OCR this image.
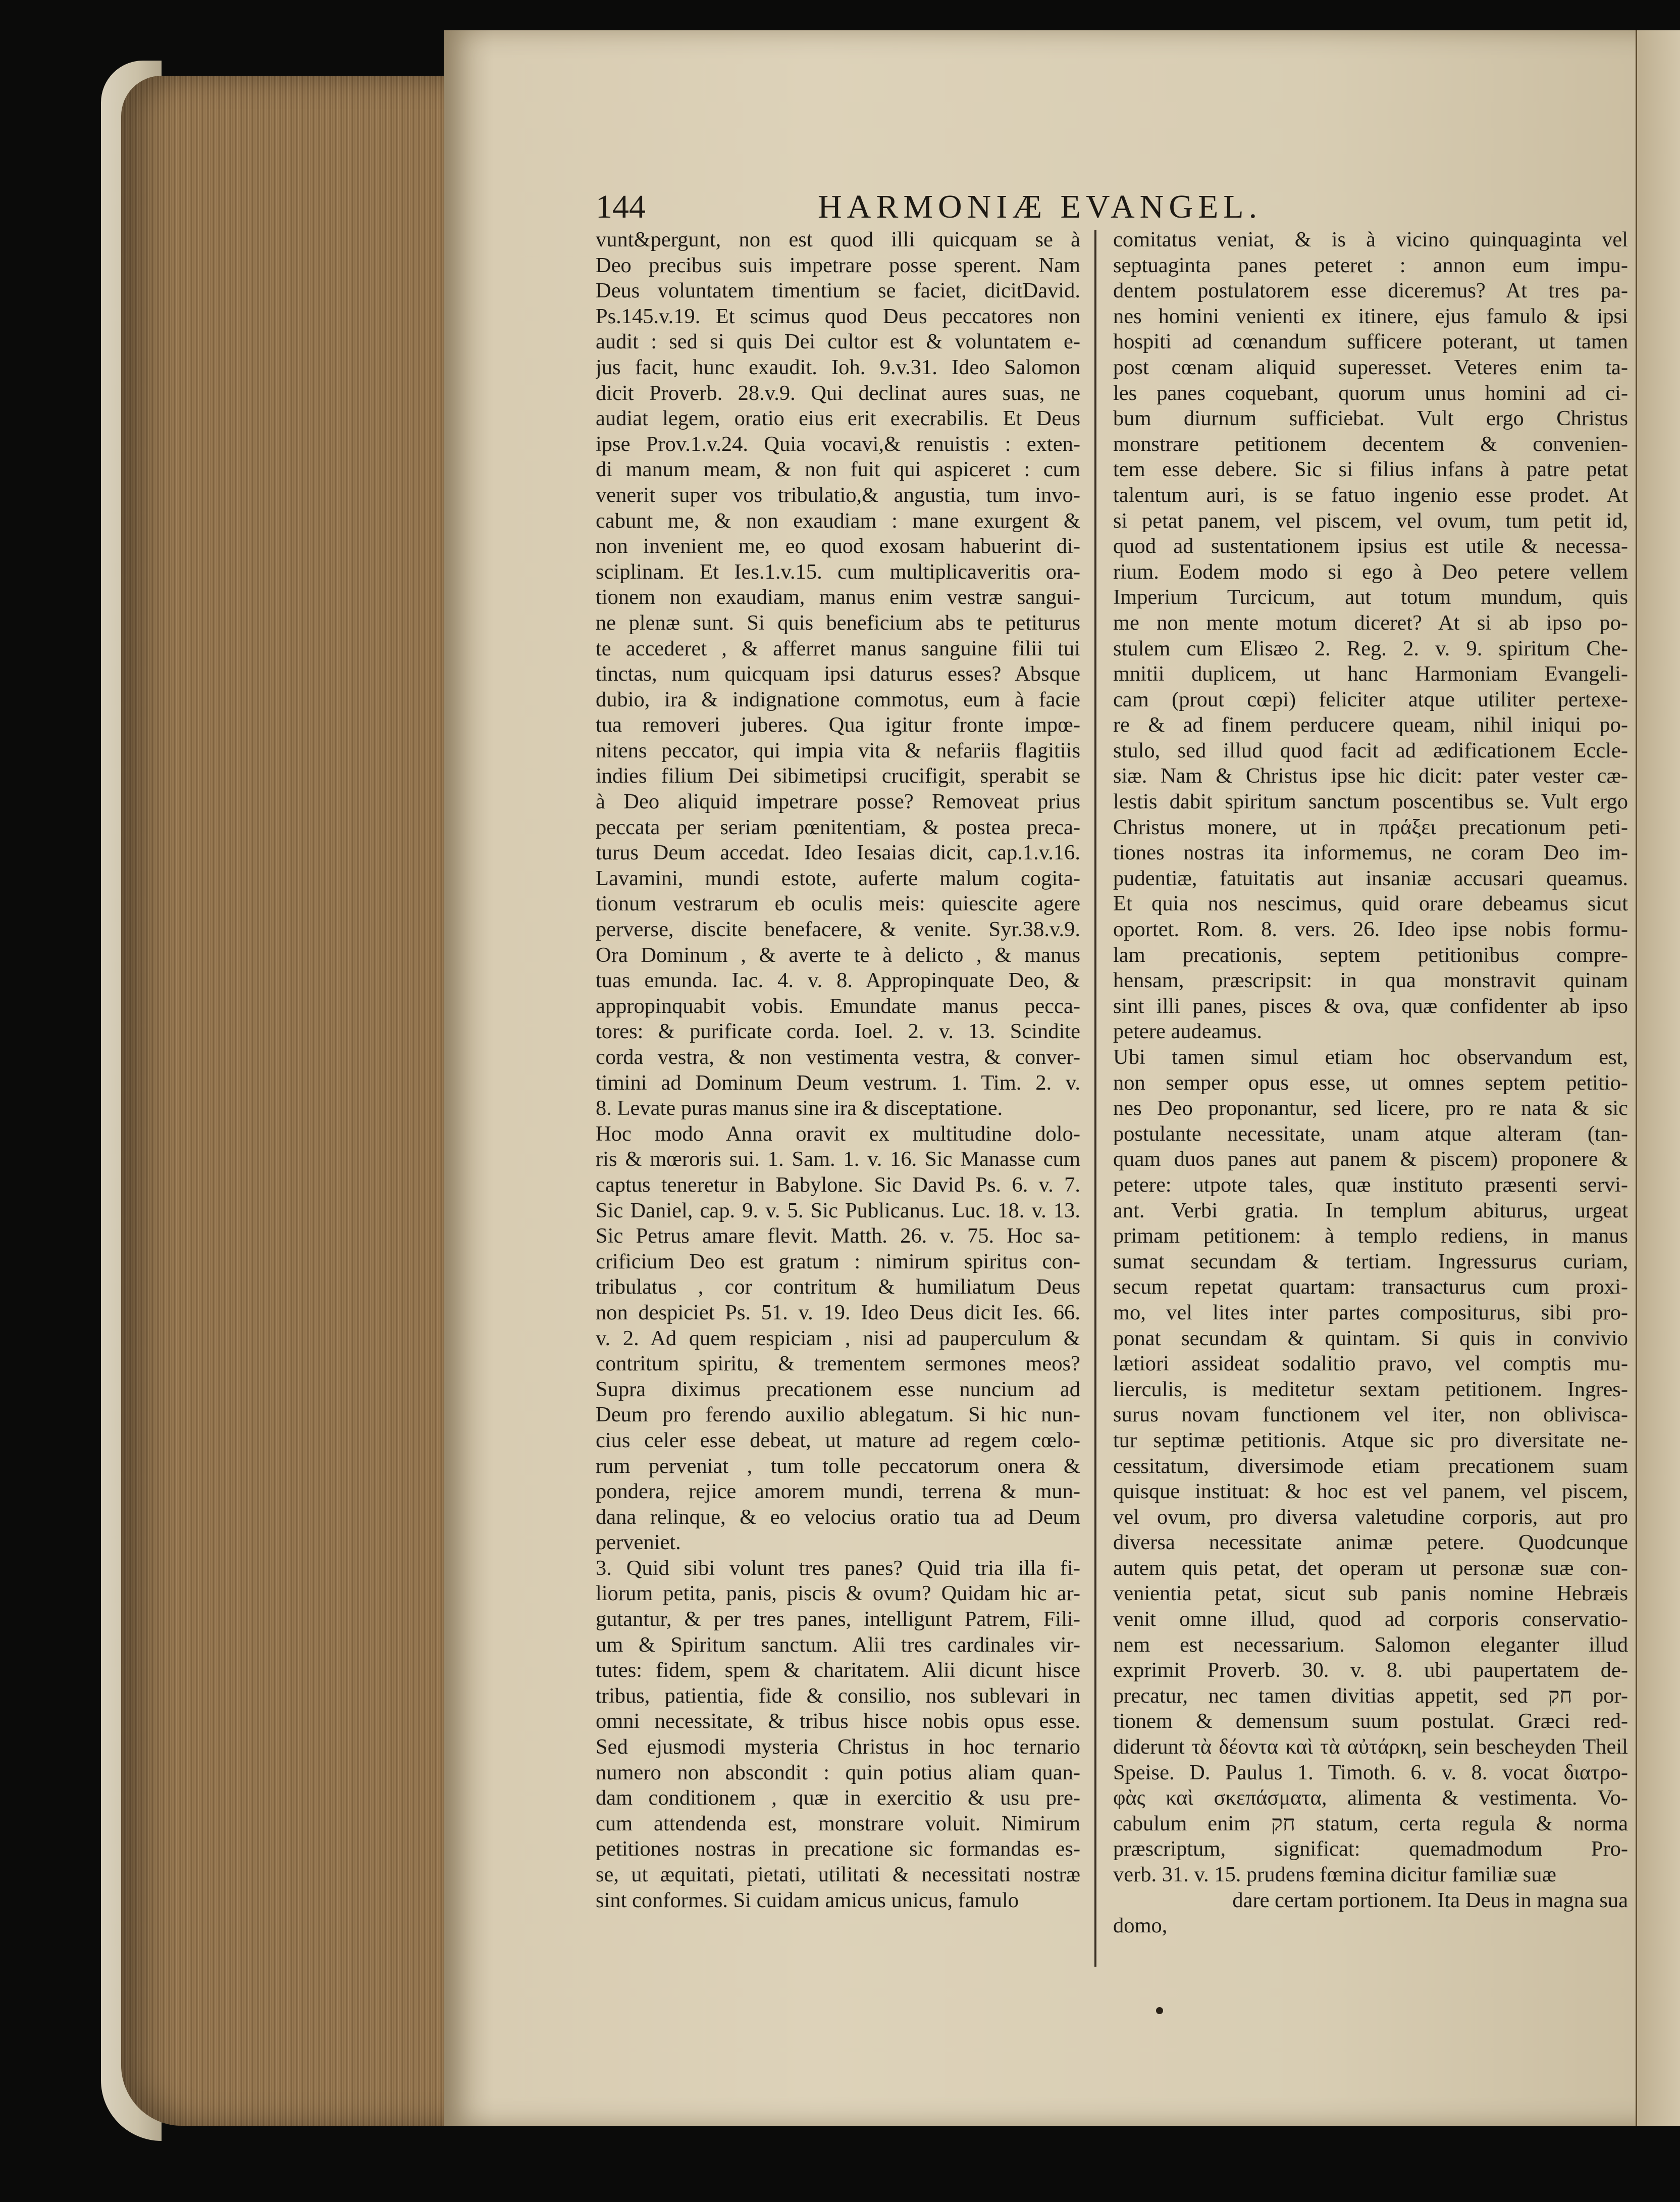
144	HARMONIÆ EVANGEL.

vunt&pergunt, non est quod illi quicquam se à

Deo precibus suis impetrare posse sperent. Nam

Deus voluntatem timentium se faciet, dicitDavid.

Ps.145.v.19. Et scimus quod Deus peccatores non

audit : sed si quis Dei cultor est & voluntatem e-

jus facit, hunc exaudit. Ioh. 9.v.31. Ideo Salomon

dicit Proverb. 28.v.9. Qui declinat aures suas, ne

audiat legem, oratio eius erit execrabilis. Et Deus

ipse Prov.1.v.24. Quia vocavi,& renuistis : exten-

di manum meam, & non fuit qui aspiceret : cum

venerit super vos tribulatio,& angustia, tum invo-

cabunt me, & non exaudiam : mane exurgent &

non invenient me, eo quod exosam habuerint di-

sciplinam. Et Ies.1.v.15. cum multiplicaveritis ora-

tionem non exaudiam, manus enim vestræ sangui-

ne plenæ sunt. Si quis beneficium abs te petiturus

te accederet , & afferret manus sanguine filii tui

tinctas, num quicquam ipsi daturus esses? Absque

dubio, ira & indignatione commotus, eum à facie

tua removeri juberes. Qua igitur fronte impœ-

nitens peccator, qui impia vita & nefariis flagitiis

indies filium Dei sibimetipsi crucifigit, sperabit se

à Deo aliquid impetrare posse? Removeat prius

peccata per seriam pœnitentiam, & postea preca-

turus Deum accedat. Ideo Iesaias dicit, cap.1.v.16.

Lavamini, mundi estote, auferte malum cogita-

tionum vestrarum eb oculis meis: quiescite agere

perverse, discite benefacere, & venite. Syr.38.v.9.

Ora Dominum , & averte te à delicto , & manus

tuas emunda. Iac. 4. v. 8. Appropinquate Deo, &

appropinquabit vobis. Emundate manus pecca-

tores: & purificate corda. Ioel. 2. v. 13. Scindite

corda vestra, & non vestimenta vestra, & conver-

timini ad Dominum Deum vestrum. 1. Tim. 2. v.

8. Levate puras manus sine ira & disceptatione.

Hoc modo Anna oravit ex multitudine dolo-

ris & mœroris sui. 1. Sam. 1. v. 16. Sic Manasse cum

captus teneretur in Babylone. Sic David Ps. 6. v. 7.

Sic Daniel, cap. 9. v. 5. Sic Publicanus. Luc. 18. v. 13.

Sic Petrus amare flevit. Matth. 26. v. 75. Hoc sa-

crificium Deo est gratum : nimirum spiritus con-

tribulatus , cor contritum & humiliatum Deus

non despiciet Ps. 51. v. 19. Ideo Deus dicit Ies. 66.

v. 2. Ad quem respiciam , nisi ad pauperculum &

contritum spiritu, & trementem sermones meos?

Supra diximus precationem esse nuncium ad

Deum pro ferendo auxilio ablegatum. Si hic nun-

cius celer esse debeat, ut mature ad regem cœlo-

rum perveniat , tum tolle peccatorum onera &

pondera, rejice amorem mundi, terrena & mun-

dana relinque, & eo velocius oratio tua ad Deum

perveniet.

3. Quid sibi volunt tres panes? Quid tria illa fi-

liorum petita, panis, piscis & ovum? Quidam hic ar-

gutantur, & per tres panes, intelligunt Patrem, Fili-

um & Spiritum sanctum. Alii tres cardinales vir-

tutes: fidem, spem & charitatem. Alii dicunt hisce

tribus, patientia, fide & consilio, nos sublevari in

omni necessitate, & tribus hisce nobis opus esse.

Sed ejusmodi mysteria Christus in hoc ternario

numero non abscondit : quin potius aliam quan-

dam conditionem , quæ in exercitio & usu pre-

cum attendenda est, monstrare voluit. Nimirum

petitiones nostras in precatione sic formandas es-

se, ut æquitati, pietati, utilitati & necessitati nostræ

sint conformes. Si cuidam amicus unicus, famulo

comitatus veniat, & is à vicino quinquaginta vel

septuaginta panes peteret : annon eum impu-

dentem postulatorem esse diceremus? At tres pa-

nes homini venienti ex itinere, ejus famulo & ipsi

hospiti ad cœnandum sufficere poterant, ut tamen

post cœnam aliquid superesset. Veteres enim ta-

les panes coquebant, quorum unus homini ad ci-

bum diurnum sufficiebat. Vult ergo Christus

monstrare petitionem decentem & convenien-

tem esse debere. Sic si filius infans à patre petat

talentum auri, is se fatuo ingenio esse prodet. At

si petat panem, vel piscem, vel ovum, tum petit id,

quod ad sustentationem ipsius est utile & necessa-

rium. Eodem modo si ego à Deo petere vellem

Imperium Turcicum, aut totum mundum, quis

me non mente motum diceret? At si ab ipso po-

stulem cum Elisæo 2. Reg. 2. v. 9. spiritum Che-

mnitii duplicem, ut hanc Harmoniam Evangeli-

cam (prout cœpi) feliciter atque utiliter pertexe-

re & ad finem perducere queam, nihil iniqui po-

stulo, sed illud quod facit ad ædificationem Eccle-

siæ. Nam & Christus ipse hic dicit: pater vester cæ-

lestis dabit spiritum sanctum poscentibus se. Vult ergo

Christus monere, ut in πράξει precationum peti-

tiones nostras ita informemus, ne coram Deo im-

pudentiæ, fatuitatis aut insaniæ accusari queamus.

Et quia nos nescimus, quid orare debeamus sicut

oportet. Rom. 8. vers. 26. Ideo ipse nobis formu-

lam precationis, septem petitionibus compre-

hensam, præscripsit: in qua monstravit quinam

sint illi panes, pisces & ova, quæ confidenter ab ipso

petere audeamus.

Ubi tamen simul etiam hoc observandum est,

non semper opus esse, ut omnes septem petitio-

nes Deo proponantur, sed licere, pro re nata & sic

postulante necessitate, unam atque alteram (tan-

quam duos panes aut panem & piscem) proponere &

petere: utpote tales, quæ instituto præsenti servi-

ant. Verbi gratia. In templum abiturus, urgeat

primam petitionem: à templo rediens, in manus

sumat secundam & tertiam. Ingressurus curiam,

secum repetat quartam: transacturus cum proxi-

mo, vel lites inter partes compositurus, sibi pro-

ponat secundam & quintam. Si quis in convivio

lætiori assideat sodalitio pravo, vel comptis mu-

lierculis, is meditetur sextam petitionem. Ingres-

surus novam functionem vel iter, non oblivisca-

tur septimæ petitionis. Atque sic pro diversitate ne-

cessitatum, diversimode etiam precationem suam

quisque instituat: & hoc est vel panem, vel piscem,

vel ovum, pro diversa valetudine corporis, aut pro

diversa necessitate animæ petere. Quodcunque

autem quis petat, det operam ut personæ suæ con-

venientia petat, sicut sub panis nomine Hebræis

venit omne illud, quod ad corporis conservatio-

nem est necessarium. Salomon eleganter illud

exprimit Proverb. 30. v. 8. ubi paupertatem de-

precatur, nec tamen divitias appetit, sed חק por-

tionem & demensum suum postulat. Græci red-

diderunt τὰ δέοντα καὶ τὰ αὐτάρκη, sein bescheyden Theil

Speise. D. Paulus 1. Timoth. 6. v. 8. vocat διατρο-

φὰς καὶ σκεπάσματα, alimenta & vestimenta. Vo-

cabulum enim חק statum, certa regula & norma

præscriptum, significat: quemadmodum Pro-

verb. 31. v. 15. prudens fœmina dicitur familiæ suæ

dare certam portionem. Ita Deus in magna sua

domo,
